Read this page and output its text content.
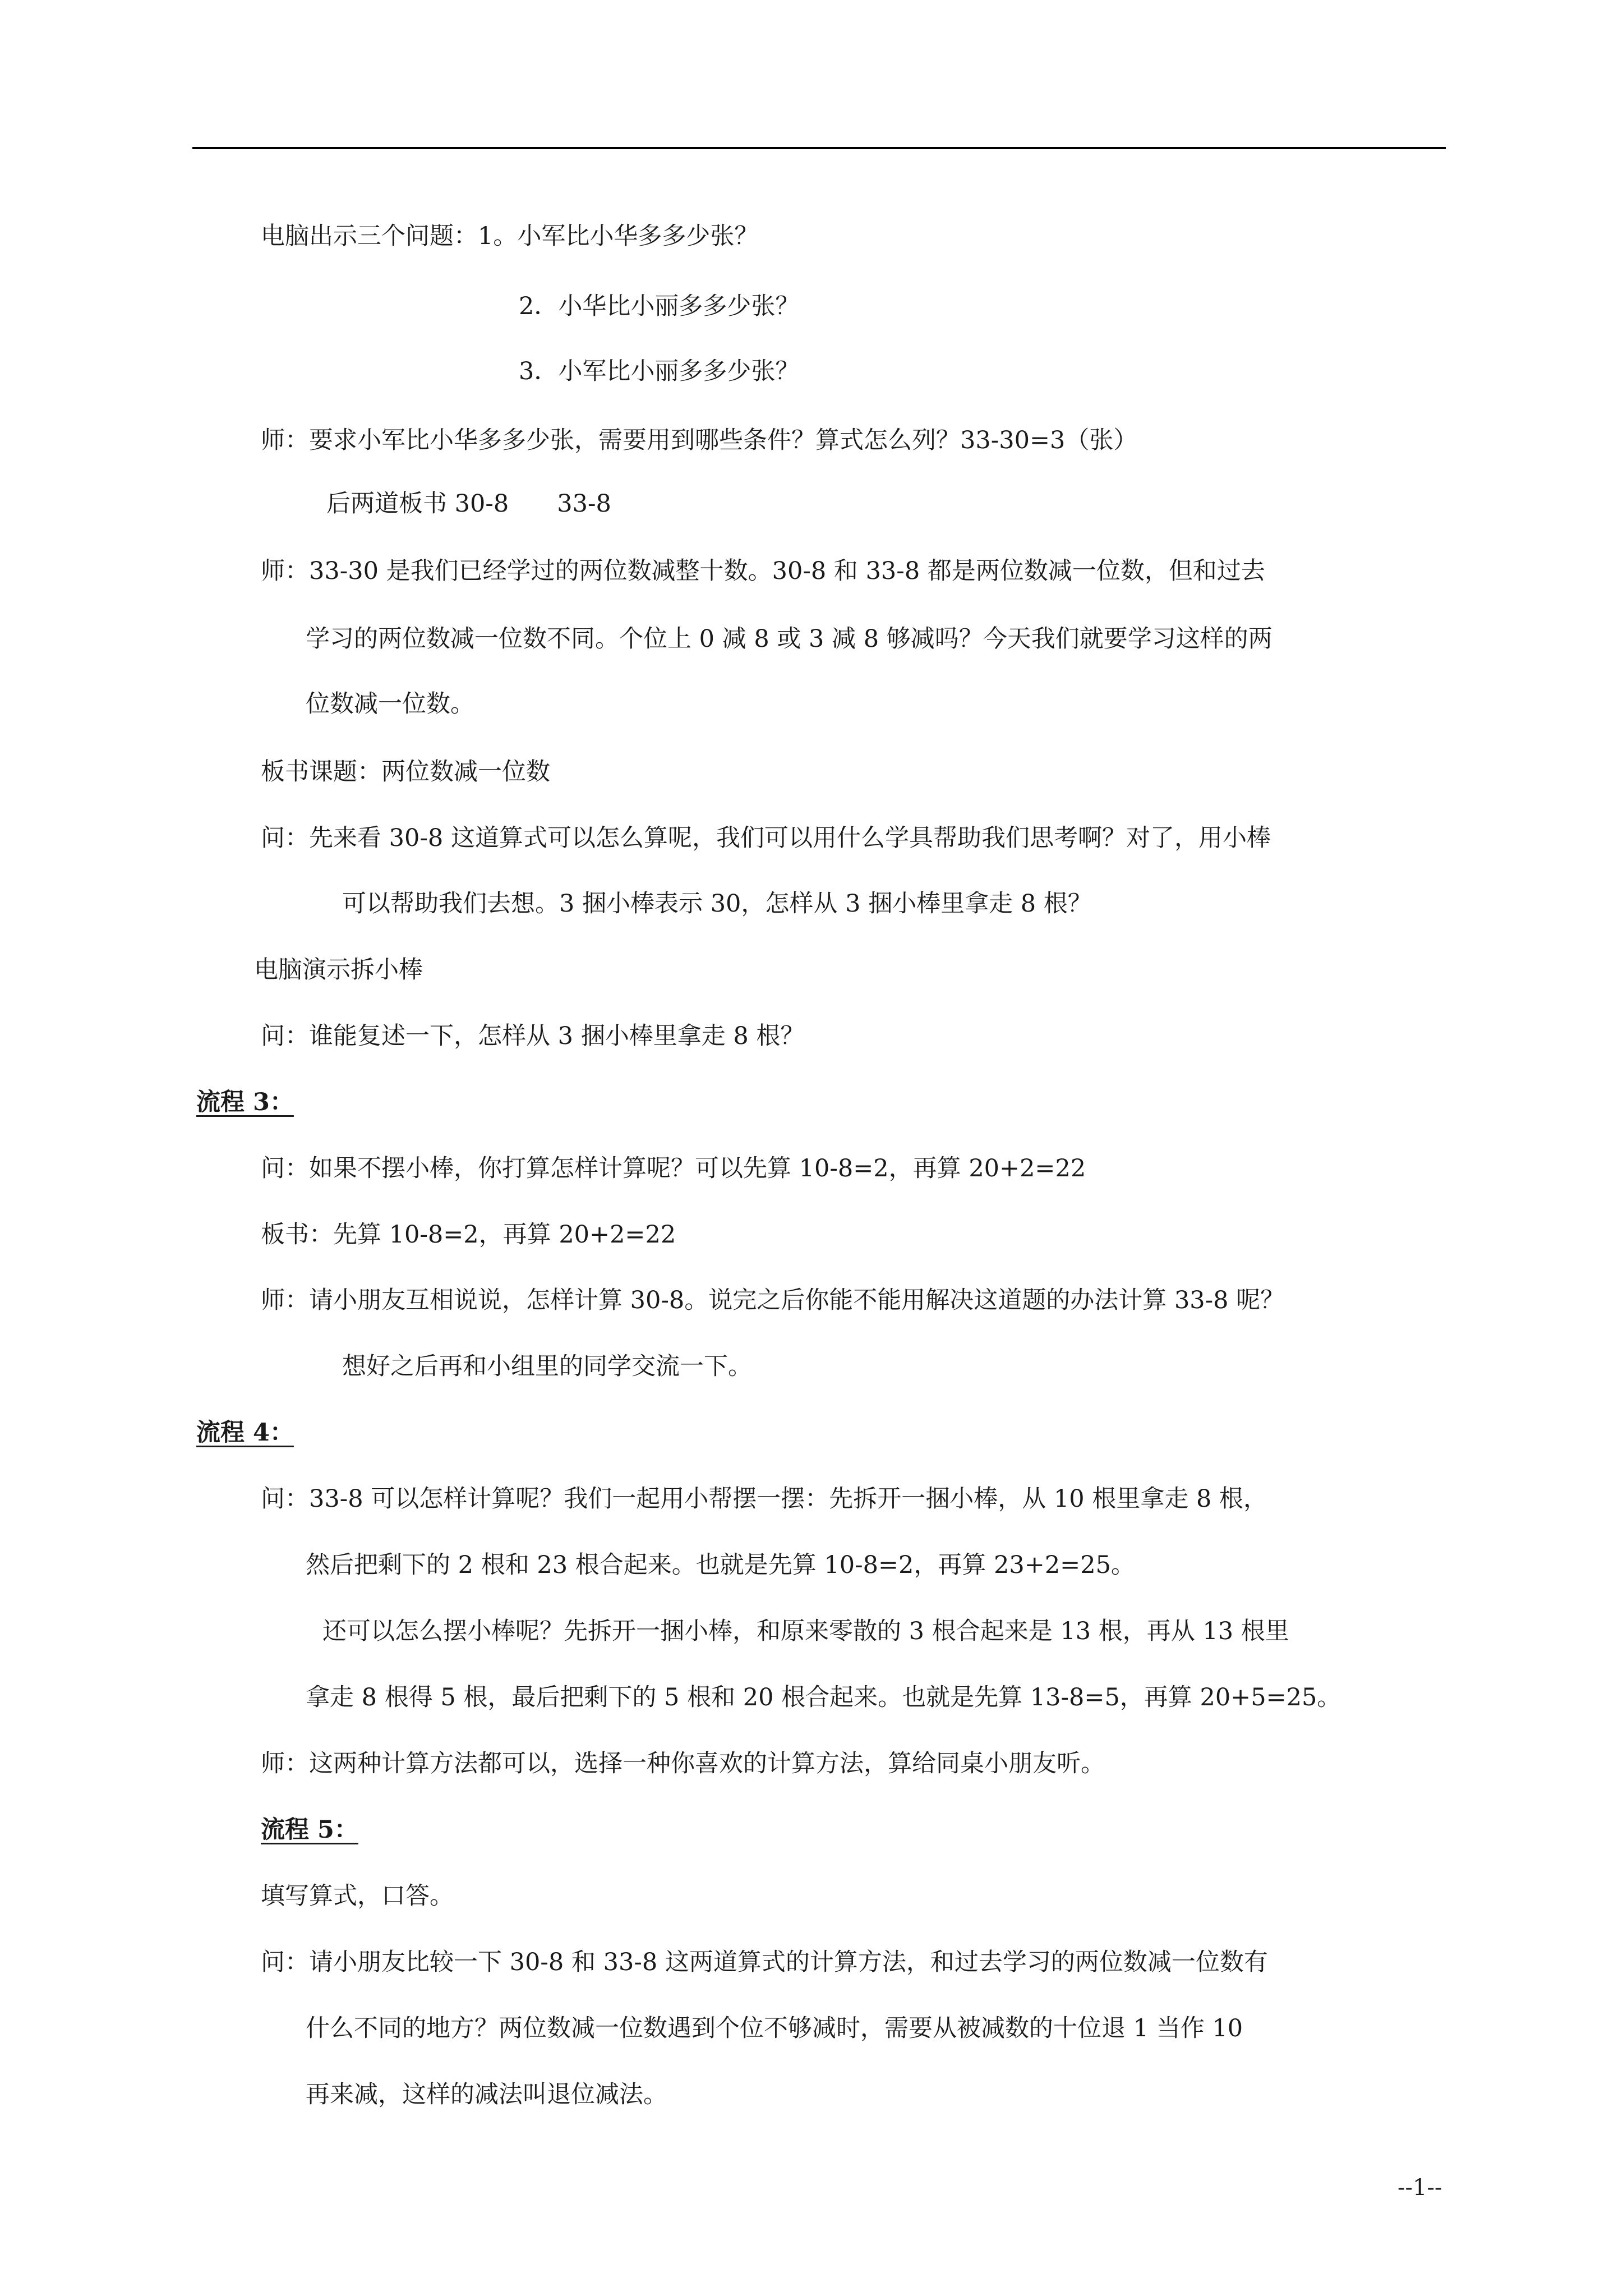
电脑出示三个问题：1。小军比小华多多少张？

2．小华比小丽多多少张？

3．小军比小丽多多少张？

师：要求小军比小华多多少张，需要用到哪些条件？算式怎么列？33-30=3（张）

后两道板书 30-8　　33-8

师：33-30 是我们已经学过的两位数减整十数。30-8 和 33-8 都是两位数减一位数，但和过去

学习的两位数减一位数不同。个位上 0 减 8 或 3 减 8 够减吗？今天我们就要学习这样的两

位数减一位数。

板书课题：两位数减一位数

问：先来看 30-8 这道算式可以怎么算呢，我们可以用什么学具帮助我们思考啊？对了，用小棒

可以帮助我们去想。3 捆小棒表示 30，怎样从 3 捆小棒里拿走 8 根？

电脑演示拆小棒

问：谁能复述一下，怎样从 3 捆小棒里拿走 8 根？

流程 3：

问：如果不摆小棒，你打算怎样计算呢？可以先算 10-8=2，再算 20+2=22

板书：先算 10-8=2，再算 20+2=22

师：请小朋友互相说说，怎样计算 30-8。说完之后你能不能用解决这道题的办法计算 33-8 呢？

想好之后再和小组里的同学交流一下。

流程 4：

问：33-8 可以怎样计算呢？我们一起用小帮摆一摆：先拆开一捆小棒，从 10 根里拿走 8 根，

然后把剩下的 2 根和 23 根合起来。也就是先算 10-8=2，再算 23+2=25。

还可以怎么摆小棒呢？先拆开一捆小棒，和原来零散的 3 根合起来是 13 根，再从 13 根里

拿走 8 根得 5 根，最后把剩下的 5 根和 20 根合起来。也就是先算 13-8=5，再算 20+5=25。

师：这两种计算方法都可以，选择一种你喜欢的计算方法，算给同桌小朋友听。

流程 5：

填写算式，口答。

问：请小朋友比较一下 30-8 和 33-8 这两道算式的计算方法，和过去学习的两位数减一位数有

什么不同的地方？两位数减一位数遇到个位不够减时，需要从被减数的十位退 1 当作 10

再来减，这样的减法叫退位减法。

--1--
